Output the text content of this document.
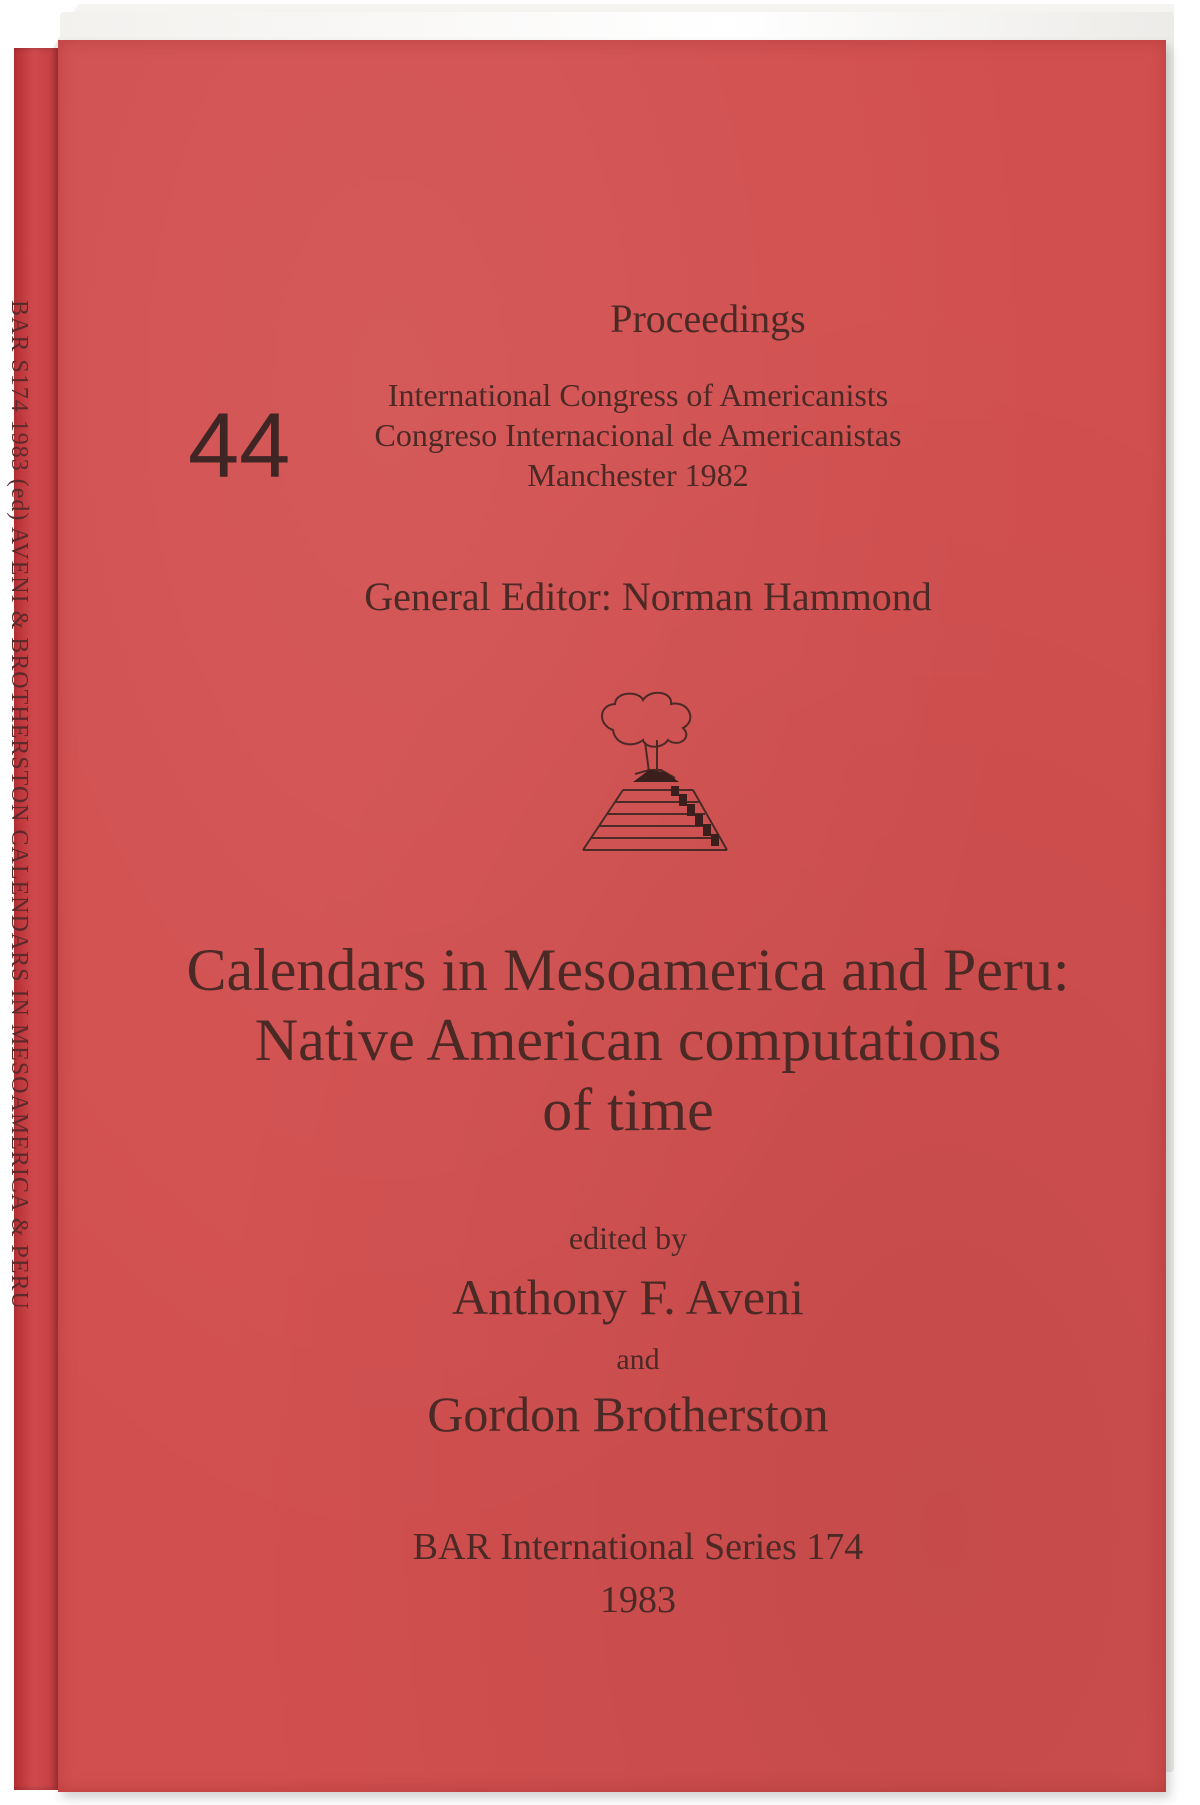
BAR S174 1983 (ed) AVENI & BROTHERSTON CALENDARS IN MESOAMERICA & PERU	Proceedings
44	International Congress of Americanists
Congreso Internacional de Americanistas
Manchester 1982
General Editor: Norman Hammond
Calendars in Mesoamerica and Peru:
Native American computations
of time
edited by
Anthony F. Aveni
and
Gordon Brotherston
BAR International Series 174
1983
